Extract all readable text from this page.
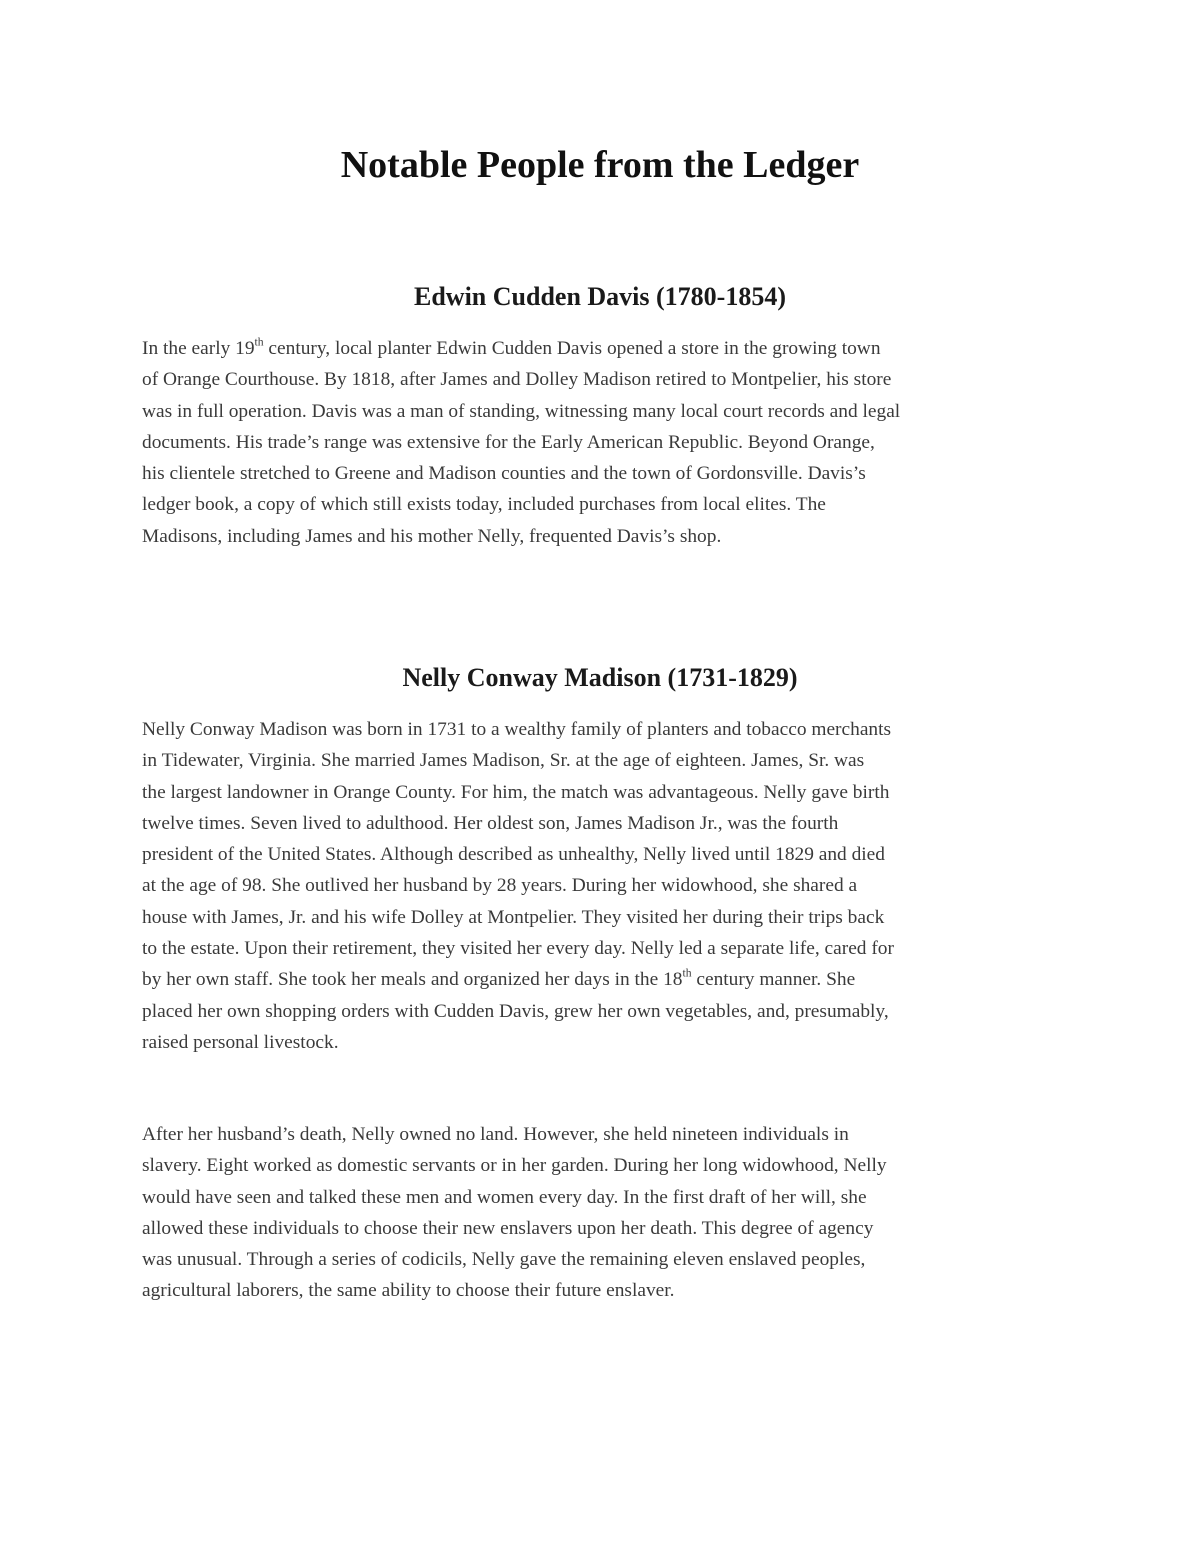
Notable People from the Ledger
Edwin Cudden Davis (1780-1854)

In the early 19th century, local planter Edwin Cudden Davis opened a store in the growing town
of Orange Courthouse. By 1818, after James and Dolley Madison retired to Montpelier, his store
was in full operation. Davis was a man of standing, witnessing many local court records and legal
documents. His trade’s range was extensive for the Early American Republic. Beyond Orange,
his clientele stretched to Greene and Madison counties and the town of Gordonsville. Davis’s
ledger book, a copy of which still exists today, included purchases from local elites. The
Madisons, including James and his mother Nelly, frequented Davis’s shop.

Nelly Conway Madison (1731-1829)

Nelly Conway Madison was born in 1731 to a wealthy family of planters and tobacco merchants
in Tidewater, Virginia. She married James Madison, Sr. at the age of eighteen. James, Sr. was
the largest landowner in Orange County. For him, the match was advantageous. Nelly gave birth
twelve times. Seven lived to adulthood. Her oldest son, James Madison Jr., was the fourth
president of the United States. Although described as unhealthy, Nelly lived until 1829 and died
at the age of 98. She outlived her husband by 28 years. During her widowhood, she shared a
house with James, Jr. and his wife Dolley at Montpelier. They visited her during their trips back
to the estate. Upon their retirement, they visited her every day. Nelly led a separate life, cared for
by her own staff. She took her meals and organized her days in the 18th century manner. She
placed her own shopping orders with Cudden Davis, grew her own vegetables, and, presumably,
raised personal livestock.

After her husband’s death, Nelly owned no land. However, she held nineteen individuals in
slavery. Eight worked as domestic servants or in her garden. During her long widowhood, Nelly
would have seen and talked these men and women every day. In the first draft of her will, she
allowed these individuals to choose their new enslavers upon her death. This degree of agency
was unusual. Through a series of codicils, Nelly gave the remaining eleven enslaved peoples,
agricultural laborers, the same ability to choose their future enslaver.
